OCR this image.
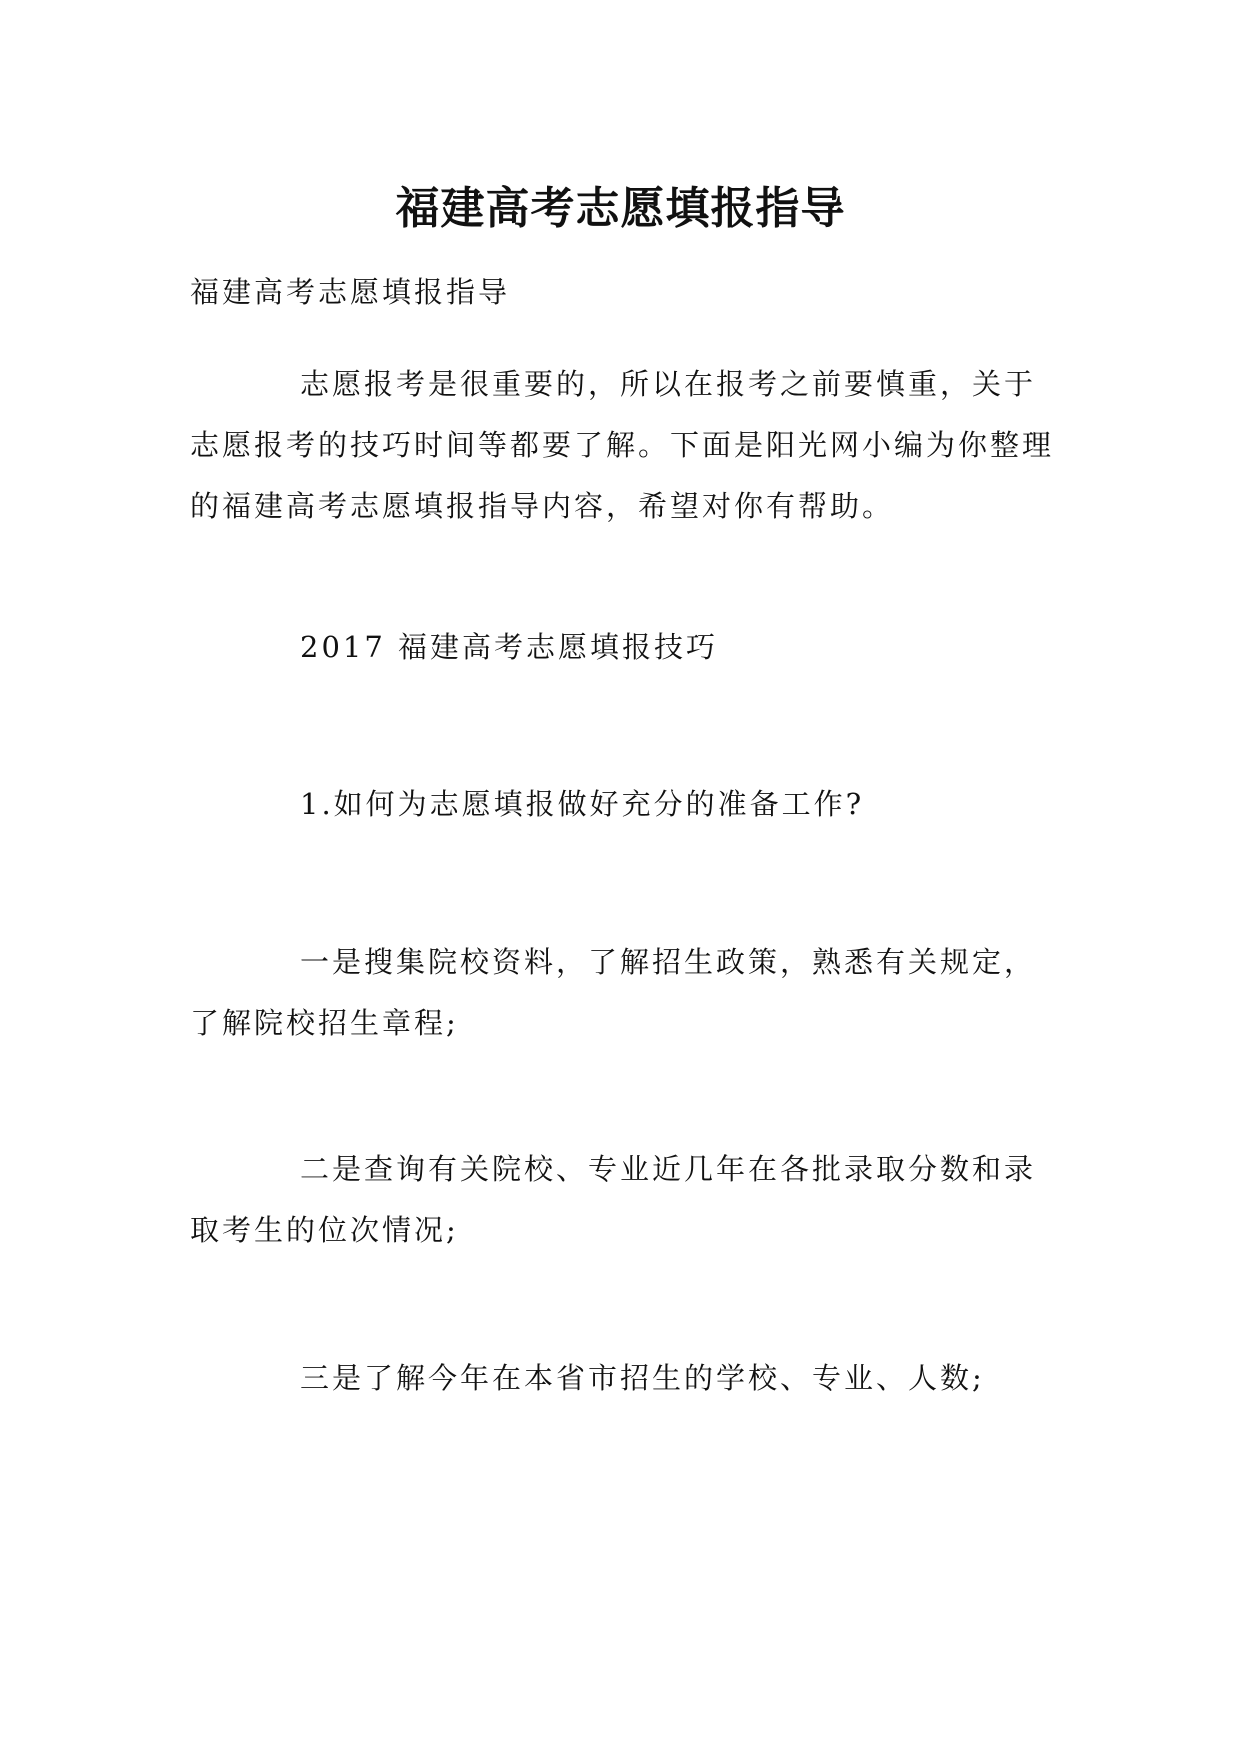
福建高考志愿填报指导

福建高考志愿填报指导

志愿报考是很重要的，所以在报考之前要慎重，关于志愿报考的技巧时间等都要了解。下面是阳光网小编为你整理的福建高考志愿填报指导内容，希望对你有帮助。

2017 福建高考志愿填报技巧

1.如何为志愿填报做好充分的准备工作?

一是搜集院校资料，了解招生政策，熟悉有关规定，了解院校招生章程;

二是查询有关院校、专业近几年在各批录取分数和录取考生的位次情况;

三是了解今年在本省市招生的学校、专业、人数;
